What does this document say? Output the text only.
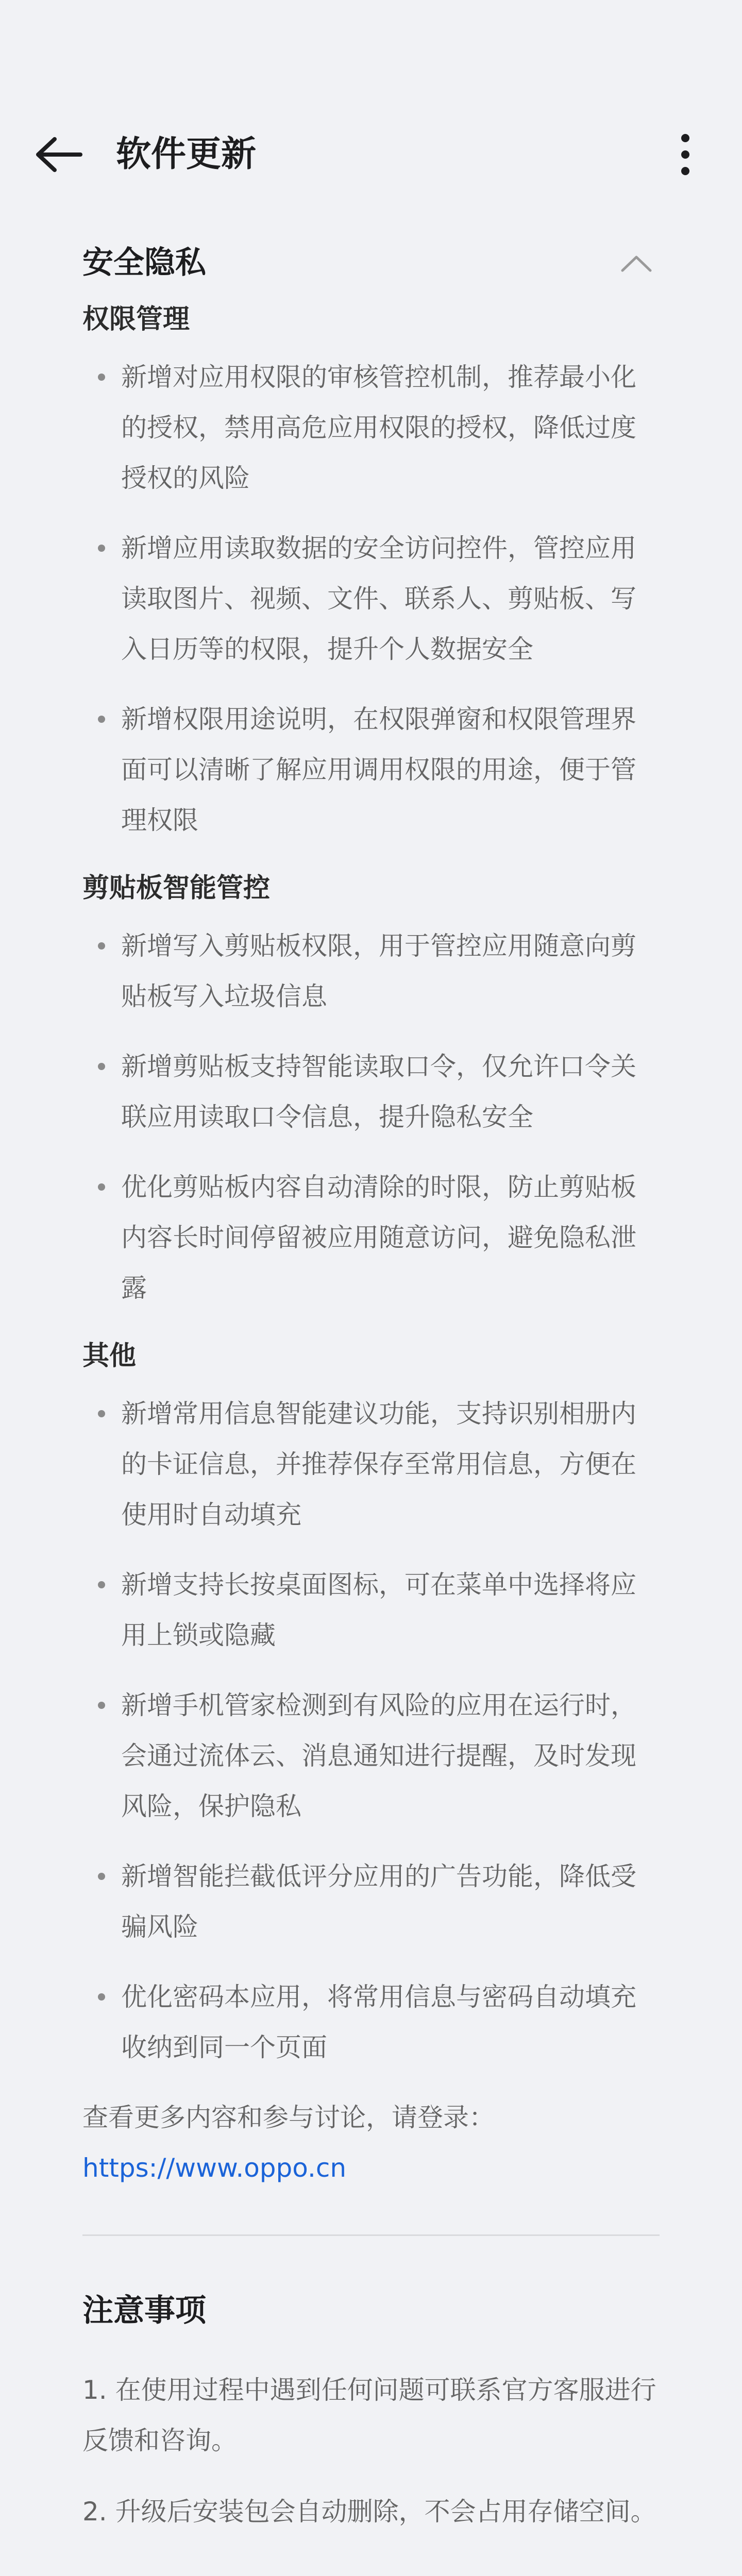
软件更新
安全隐私
权限管理
新增对应用权限的审核管控机制，推荐最小化的授权，禁用高危应用权限的授权，降低过度授权的风险
新增应用读取数据的安全访问控件，管控应用读取图片、视频、文件、联系人、剪贴板、写入日历等的权限，提升个人数据安全
新增权限用途说明，在权限弹窗和权限管理界面可以清晰了解应用调用权限的用途，便于管理权限
剪贴板智能管控
新增写入剪贴板权限，用于管控应用随意向剪贴板写入垃圾信息
新增剪贴板支持智能读取口令，仅允许口令关联应用读取口令信息，提升隐私安全
优化剪贴板内容自动清除的时限，防止剪贴板内容长时间停留被应用随意访问，避免隐私泄露
其他
新增常用信息智能建议功能，支持识别相册内的卡证信息，并推荐保存至常用信息，方便在使用时自动填充
新增支持长按桌面图标，可在菜单中选择将应用上锁或隐藏
新增手机管家检测到有风险的应用在运行时，会通过流体云、消息通知进行提醒，及时发现风险，保护隐私
新增智能拦截低评分应用的广告功能，降低受骗风险
优化密码本应用，将常用信息与密码自动填充收纳到同一个页面
查看更多内容和参与讨论，请登录：
https://www.oppo.cn
注意事项
1. 在使用过程中遇到任何问题可联系官方客服进行反馈和咨询。
2. 升级后安装包会自动删除，不会占用存储空间。
